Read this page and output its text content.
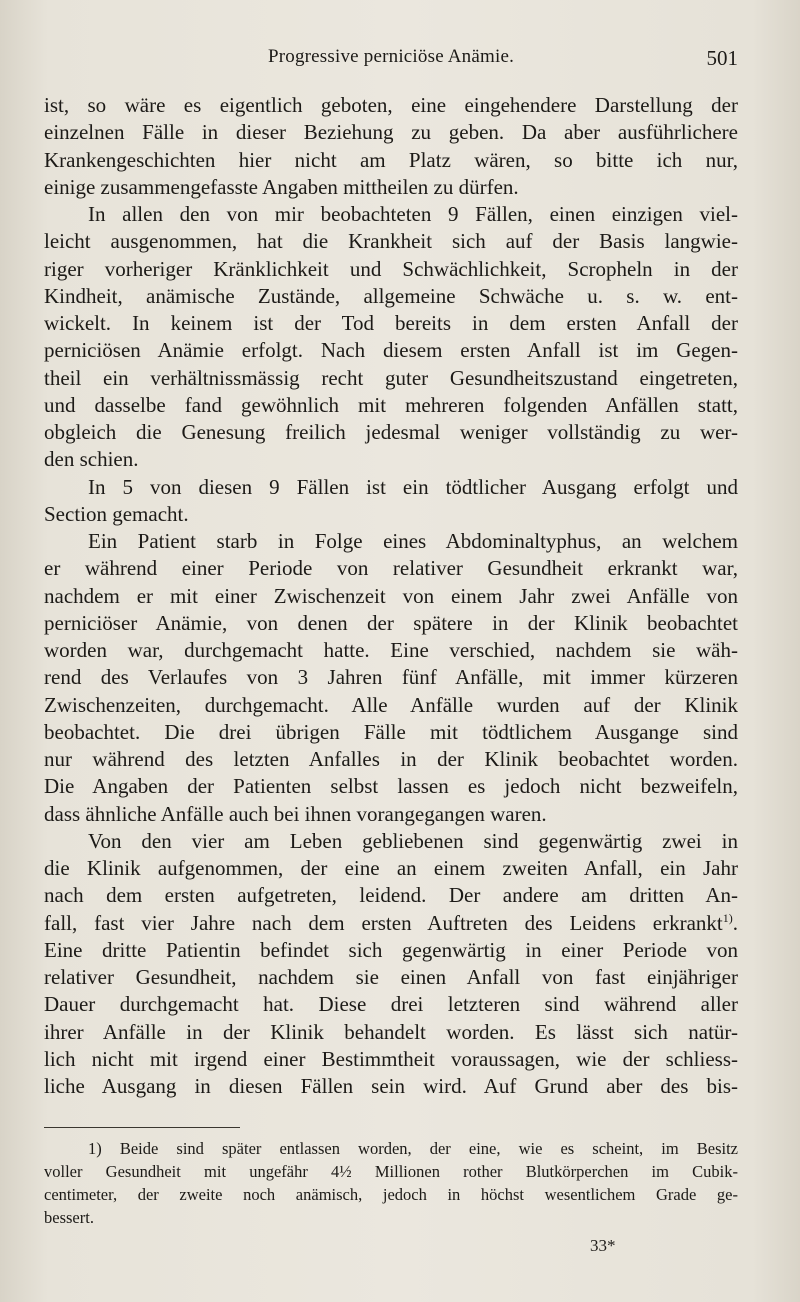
Progressive perniciöse Anämie.	501
ist, so wäre es eigentlich geboten, eine eingehendere Darstellung der
einzelnen Fälle in dieser Beziehung zu geben. Da aber ausführlichere
Krankengeschichten hier nicht am Platz wären, so bitte ich nur,
einige zusammengefasste Angaben mittheilen zu dürfen.
In allen den von mir beobachteten 9 Fällen, einen einzigen viel-
leicht ausgenommen, hat die Krankheit sich auf der Basis langwie-
riger vorheriger Kränklichkeit und Schwächlichkeit, Scropheln in der
Kindheit, anämische Zustände, allgemeine Schwäche u. s. w. ent-
wickelt. In keinem ist der Tod bereits in dem ersten Anfall der
perniciösen Anämie erfolgt. Nach diesem ersten Anfall ist im Gegen-
theil ein verhältnissmässig recht guter Gesundheitszustand eingetreten,
und dasselbe fand gewöhnlich mit mehreren folgenden Anfällen statt,
obgleich die Genesung freilich jedesmal weniger vollständig zu wer-
den schien.
In 5 von diesen 9 Fällen ist ein tödtlicher Ausgang erfolgt und
Section gemacht.
Ein Patient starb in Folge eines Abdominaltyphus, an welchem
er während einer Periode von relativer Gesundheit erkrankt war,
nachdem er mit einer Zwischenzeit von einem Jahr zwei Anfälle von
perniciöser Anämie, von denen der spätere in der Klinik beobachtet
worden war, durchgemacht hatte. Eine verschied, nachdem sie wäh-
rend des Verlaufes von 3 Jahren fünf Anfälle, mit immer kürzeren
Zwischenzeiten, durchgemacht. Alle Anfälle wurden auf der Klinik
beobachtet. Die drei übrigen Fälle mit tödtlichem Ausgange sind
nur während des letzten Anfalles in der Klinik beobachtet worden.
Die Angaben der Patienten selbst lassen es jedoch nicht bezweifeln,
dass ähnliche Anfälle auch bei ihnen vorangegangen waren.
Von den vier am Leben gebliebenen sind gegenwärtig zwei in
die Klinik aufgenommen, der eine an einem zweiten Anfall, ein Jahr
nach dem ersten aufgetreten, leidend. Der andere am dritten An-
fall, fast vier Jahre nach dem ersten Auftreten des Leidens erkrankt$^{1)}$.
Eine dritte Patientin befindet sich gegenwärtig in einer Periode von
relativer Gesundheit, nachdem sie einen Anfall von fast einjähriger
Dauer durchgemacht hat. Diese drei letzteren sind während aller
ihrer Anfälle in der Klinik behandelt worden. Es lässt sich natür-
lich nicht mit irgend einer Bestimmtheit voraussagen, wie der schliess-
liche Ausgang in diesen Fällen sein wird. Auf Grund aber des bis-
1) Beide sind später entlassen worden, der eine, wie es scheint, im Besitz
voller Gesundheit mit ungefähr 4½ Millionen rother Blutkörperchen im Cubik-
centimeter, der zweite noch anämisch, jedoch in höchst wesentlichem Grade ge-
bessert.
33*
